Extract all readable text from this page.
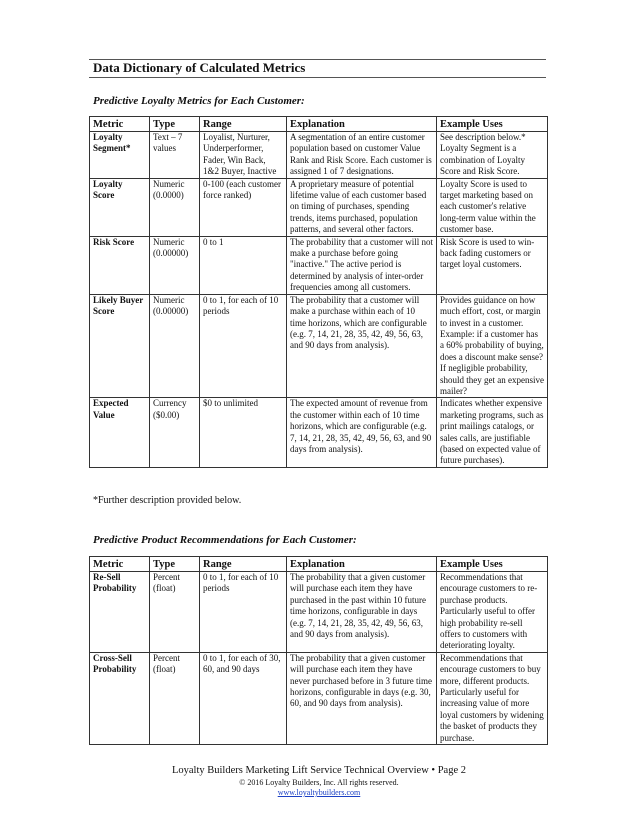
Data Dictionary of Calculated Metrics
Predictive Loyalty Metrics for Each Customer:
Metric	Type	Range	Explanation	Example Uses
Loyalty Segment*	Text – 7 values	Loyalist, Nurturer, Underperformer, Fader, Win Back, 1&2 Buyer, Inactive	A segmentation of an entire customer population based on customer Value Rank and Risk Score. Each customer is assigned 1 of 7 designations.	See description below.* Loyalty Segment is a combination of Loyalty Score and Risk Score.
Loyalty Score	Numeric (0.0000)	0-100 (each customer force ranked)	A proprietary measure of potential lifetime value of each customer based on timing of purchases, spending trends, items purchased, population patterns, and several other factors.	Loyalty Score is used to target marketing based on each customer's relative long-term value within the customer base.
Risk Score	Numeric (0.00000)	0 to 1	The probability that a customer will not make a purchase before going "inactive." The active period is determined by analysis of inter-order frequencies among all customers.	Risk Score is used to win-back fading customers or target loyal customers.
Likely Buyer Score	Numeric (0.00000)	0 to 1, for each of 10 periods	The probability that a customer will make a purchase within each of 10 time horizons, which are configurable (e.g. 7, 14, 21, 28, 35, 42, 49, 56, 63, and 90 days from analysis).	Provides guidance on how much effort, cost, or margin to invest in a customer. Example: if a customer has a 60% probability of buying, does a discount make sense? If negligible probability, should they get an expensive mailer?
Expected Value	Currency ($0.00)	$0 to unlimited	The expected amount of revenue from the customer within each of 10 time horizons, which are configurable (e.g. 7, 14, 21, 28, 35, 42, 49, 56, 63, and 90 days from analysis).	Indicates whether expensive marketing programs, such as print mailings catalogs, or sales calls, are justifiable (based on expected value of future purchases).
*Further description provided below.
Predictive Product Recommendations for Each Customer:
Metric	Type	Range	Explanation	Example Uses
Re-Sell Probability	Percent (float)	0 to 1, for each of 10 periods	The probability that a given customer will purchase each item they have purchased in the past within 10 future time horizons, configurable in days (e.g. 7, 14, 21, 28, 35, 42, 49, 56, 63, and 90 days from analysis).	Recommendations that encourage customers to re-purchase products. Particularly useful to offer high probability re-sell offers to customers with deteriorating loyalty.
Cross-Sell Probability	Percent (float)	0 to 1, for each of 30, 60, and 90 days	The probability that a given customer will purchase each item they have never purchased before in 3 future time horizons, configurable in days (e.g. 30, 60, and 90 days from analysis).	Recommendations that encourage customers to buy more, different products. Particularly useful for increasing value of more loyal customers by widening the basket of products they purchase.
Loyalty Builders Marketing Lift Service Technical Overview • Page 2
© 2016 Loyalty Builders, Inc. All rights reserved.
www.loyaltybuilders.com
